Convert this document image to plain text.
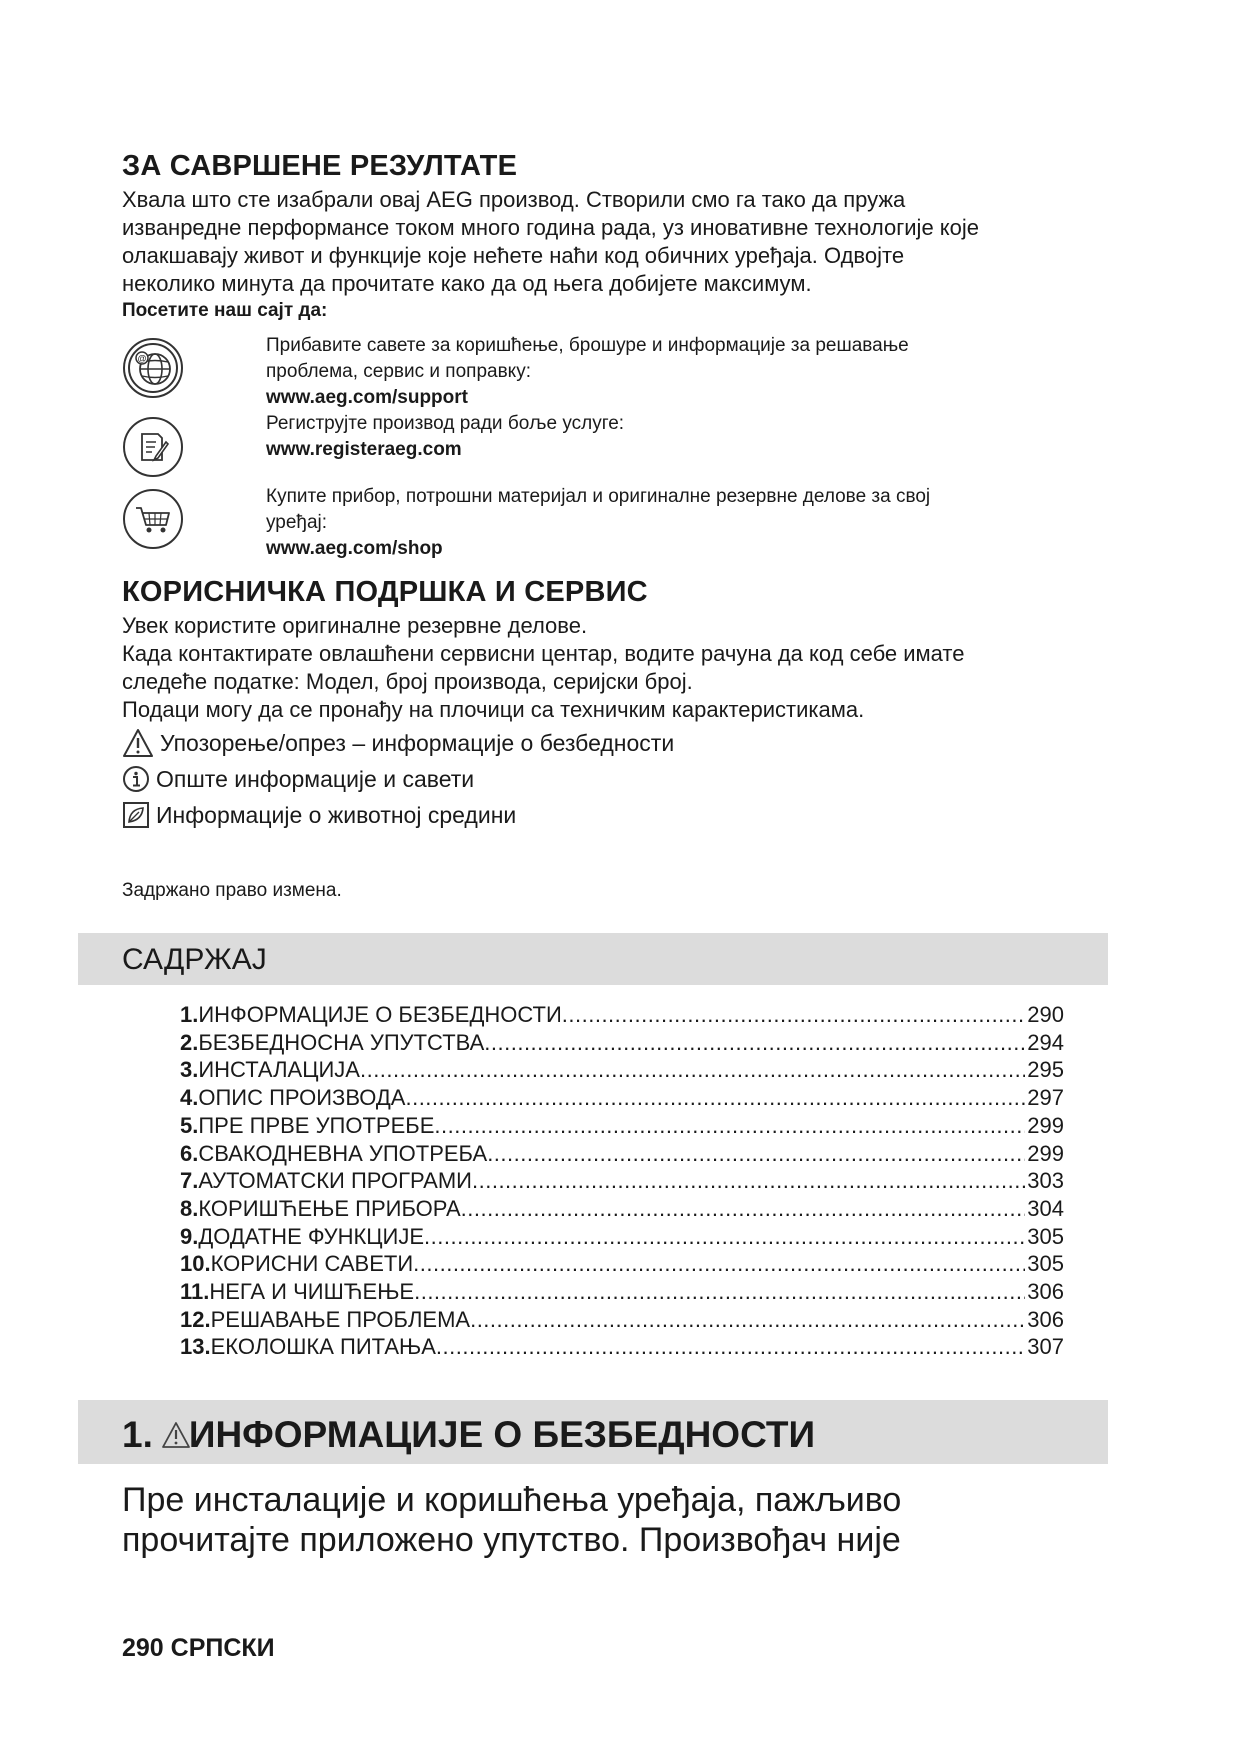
ЗА САВРШЕНЕ РЕЗУЛТАТЕ
Хвала што сте изабрали овај AEG производ. Створили смо га тако да пружа
изванредне перформансе током много година рада, уз иновативне технологије које
олакшавају живот и функције које нећете наћи код обичних уређаја. Одвојте
неколико минута да прочитате како да од њега добијете максимум.
Посетите наш сајт да:
@
Прибавите савете за коришћење, брошуре и информације за решавање
проблема, сервис и поправку:
www.aeg.com/support
Региструјте производ ради боље услуге:
www.registeraeg.com
Купите прибор, потрошни материјал и оригиналне резервне делове за свој
уређај:
www.aeg.com/shop
КОРИСНИЧКА ПОДРШКА И СЕРВИС
Увек користите оригиналне резервне делове.
Када контактирате овлашћени сервисни центар, водите рачуна да код себе имате
следеће податке: Модел, број производа, серијски број.
Подаци могу да се пронађу на плочици са техничким карактеристикама.
Упозорење/опрез – информације о безбедности
Опште информације и савети
Информације о животној средини
Задржано право измена.
САДРЖАЈ
1. ИНФОРМАЦИЈЕ О БЕЗБЕДНОСТИ .....	290
2. БЕЗБЕДНОСНА УПУТСТВА .....	294
3. ИНСТАЛАЦИЈА .....	295
4. ОПИС ПРОИЗВОДА .....	297
5. ПРЕ ПРВЕ УПОТРЕБЕ .....	299
6. СВАКОДНЕВНА УПОТРЕБА .....	299
7. АУТОМАТСКИ ПРОГРАМИ .....	303
8. КОРИШЋЕЊЕ ПРИБОРА .....	304
9. ДОДАТНЕ ФУНКЦИЈЕ .....	305
10. КОРИСНИ САВЕТИ .....	305
11. НЕГА И ЧИШЋЕЊЕ .....	306
12. РЕШАВАЊЕ ПРОБЛЕМА .....	306
13. ЕКОЛОШКА ПИТАЊА .....	307
1. ИНФОРМАЦИЈЕ О БЕЗБЕДНОСТИ
Пре инсталације и коришћења уређаја, пажљиво
прочитајте приложено упутство. Произвођач није
290 СРПСКИ
